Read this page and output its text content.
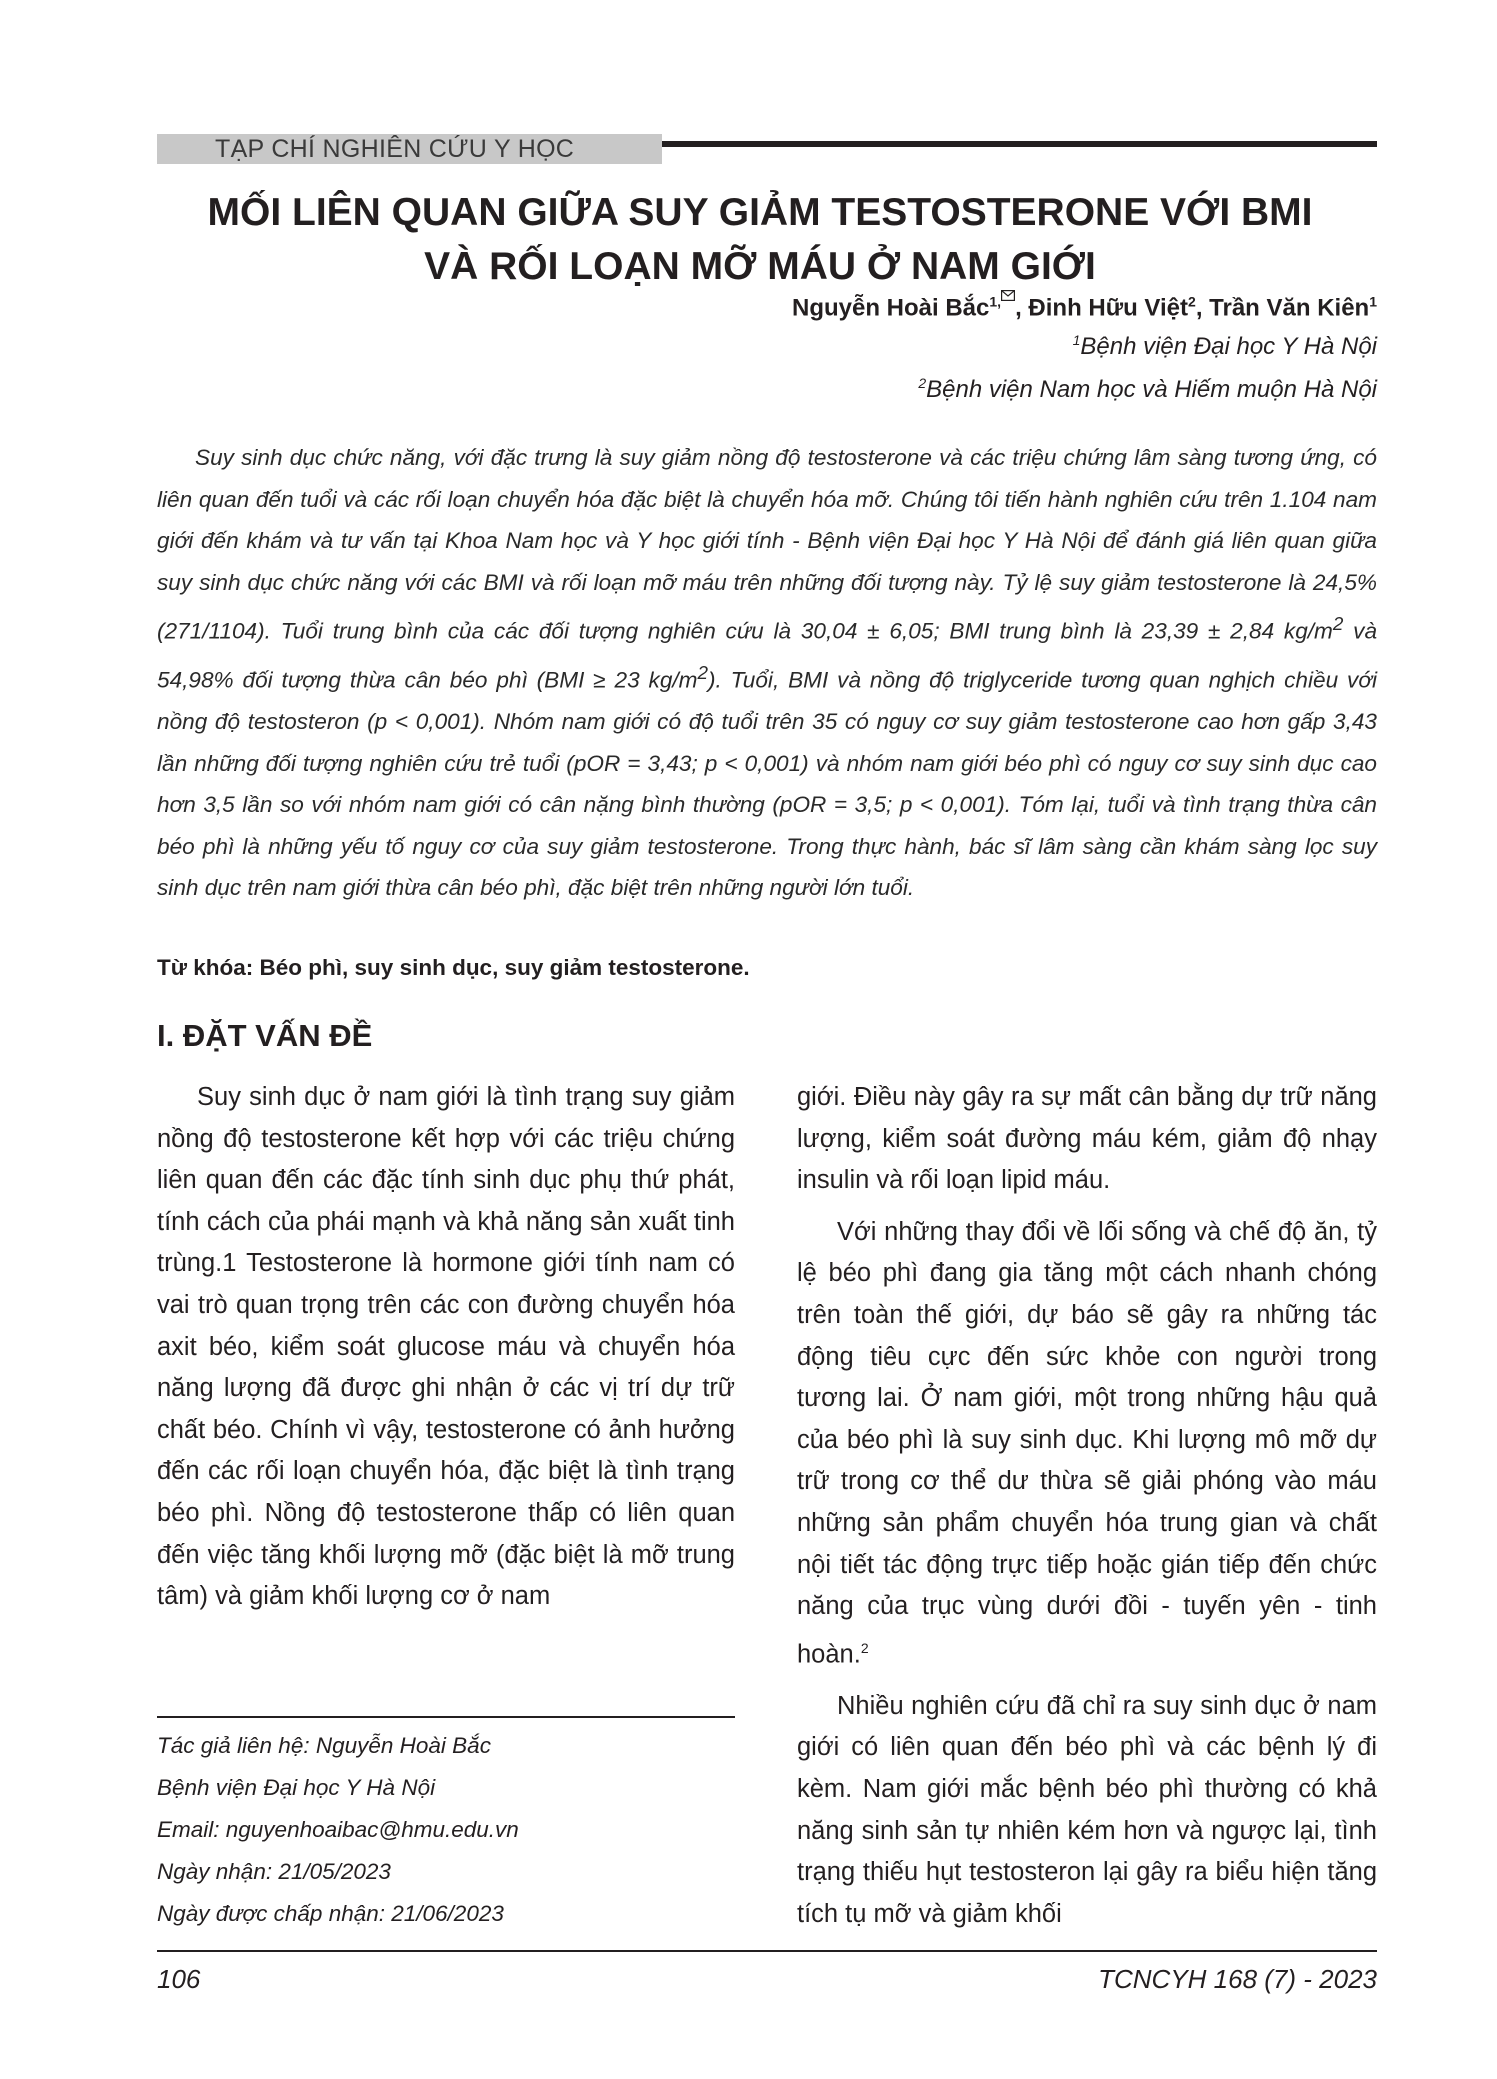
TẠP CHÍ NGHIÊN CỨU Y HỌC
MỐI LIÊN QUAN GIỮA SUY GIẢM TESTOSTERONE VỚI BMI
VÀ RỐI LOẠN MỠ MÁU Ở NAM GIỚI
Nguyễn Hoài Bắc$^{1,}$ , Đinh Hữu Việt$^2$, Trần Văn Kiên$^1$
$^1$Bệnh viện Đại học Y Hà Nội
$^2$Bệnh viện Nam học và Hiếm muộn Hà Nội
Suy sinh dục chức năng, với đặc trưng là suy giảm nồng độ testosterone và các triệu chứng lâm sàng tương ứng, có liên quan đến tuổi và các rối loạn chuyển hóa đặc biệt là chuyển hóa mỡ. Chúng tôi tiến hành nghiên cứu trên 1.104 nam giới đến khám và tư vấn tại Khoa Nam học và Y học giới tính - Bệnh viện Đại học Y Hà Nội để đánh giá liên quan giữa suy sinh dục chức năng với các BMI và rối loạn mỡ máu trên những đối tượng này. Tỷ lệ suy giảm testosterone là 24,5% (271/1104). Tuổi trung bình của các đối tượng nghiên cứu là 30,04 ± 6,05; BMI trung bình là 23,39 ± 2,84 $kg/m^2$ và 54,98% đối tượng thừa cân béo phì (BMI ≥ 23 $kg/m^2$). Tuổi, BMI và nồng độ triglyceride tương quan nghịch chiều với nồng độ testosteron (p < 0,001). Nhóm nam giới có độ tuổi trên 35 có nguy cơ suy giảm testosterone cao hơn gấp 3,43 lần những đối tượng nghiên cứu trẻ tuổi (pOR = 3,43; p < 0,001) và nhóm nam giới béo phì có nguy cơ suy sinh dục cao hơn 3,5 lần so với nhóm nam giới có cân nặng bình thường (pOR = 3,5; p < 0,001). Tóm lại, tuổi và tình trạng thừa cân béo phì là những yếu tố nguy cơ của suy giảm testosterone. Trong thực hành, bác sĩ lâm sàng cần khám sàng lọc suy sinh dục trên nam giới thừa cân béo phì, đặc biệt trên những người lớn tuổi.
Từ khóa: Béo phì, suy sinh dục, suy giảm testosterone.
I. ĐẶT VẤN ĐỀ

Suy sinh dục ở nam giới là tình trạng suy giảm nồng độ testosterone kết hợp với các triệu chứng liên quan đến các đặc tính sinh dục phụ thứ phát, tính cách của phái mạnh và khả năng sản xuất tinh trùng.1 Testosterone là hormone giới tính nam có vai trò quan trọng trên các con đường chuyển hóa axit béo, kiểm soát glucose máu và chuyển hóa năng lượng đã được ghi nhận ở các vị trí dự trữ chất béo. Chính vì vậy, testosterone có ảnh hưởng đến các rối loạn chuyển hóa, đặc biệt là tình trạng béo phì. Nồng độ testosterone thấp có liên quan đến việc tăng khối lượng mỡ (đặc biệt là mỡ trung tâm) và giảm khối lượng cơ ở nam

giới. Điều này gây ra sự mất cân bằng dự trữ năng lượng, kiểm soát đường máu kém, giảm độ nhạy insulin và rối loạn lipid máu.

Với những thay đổi về lối sống và chế độ ăn, tỷ lệ béo phì đang gia tăng một cách nhanh chóng trên toàn thế giới, dự báo sẽ gây ra những tác động tiêu cực đến sức khỏe con người trong tương lai. Ở nam giới, một trong những hậu quả của béo phì là suy sinh dục. Khi lượng mô mỡ dự trữ trong cơ thể dư thừa sẽ giải phóng vào máu những sản phẩm chuyển hóa trung gian và chất nội tiết tác động trực tiếp hoặc gián tiếp đến chức năng của trục vùng dưới đồi - tuyến yên - tinh hoàn.$^2$

Nhiều nghiên cứu đã chỉ ra suy sinh dục ở nam giới có liên quan đến béo phì và các bệnh lý đi kèm. Nam giới mắc bệnh béo phì thường có khả năng sinh sản tự nhiên kém hơn và ngược lại, tình trạng thiếu hụt testosteron lại gây ra biểu hiện tăng tích tụ mỡ và giảm khối

Tác giả liên hệ: Nguyễn Hoài Bắc
Bệnh viện Đại học Y Hà Nội
Email: nguyenhoaibac@hmu.edu.vn
Ngày nhận: 21/05/2023
Ngày được chấp nhận: 21/06/2023
106	TCNCYH 168 (7) - 2023
